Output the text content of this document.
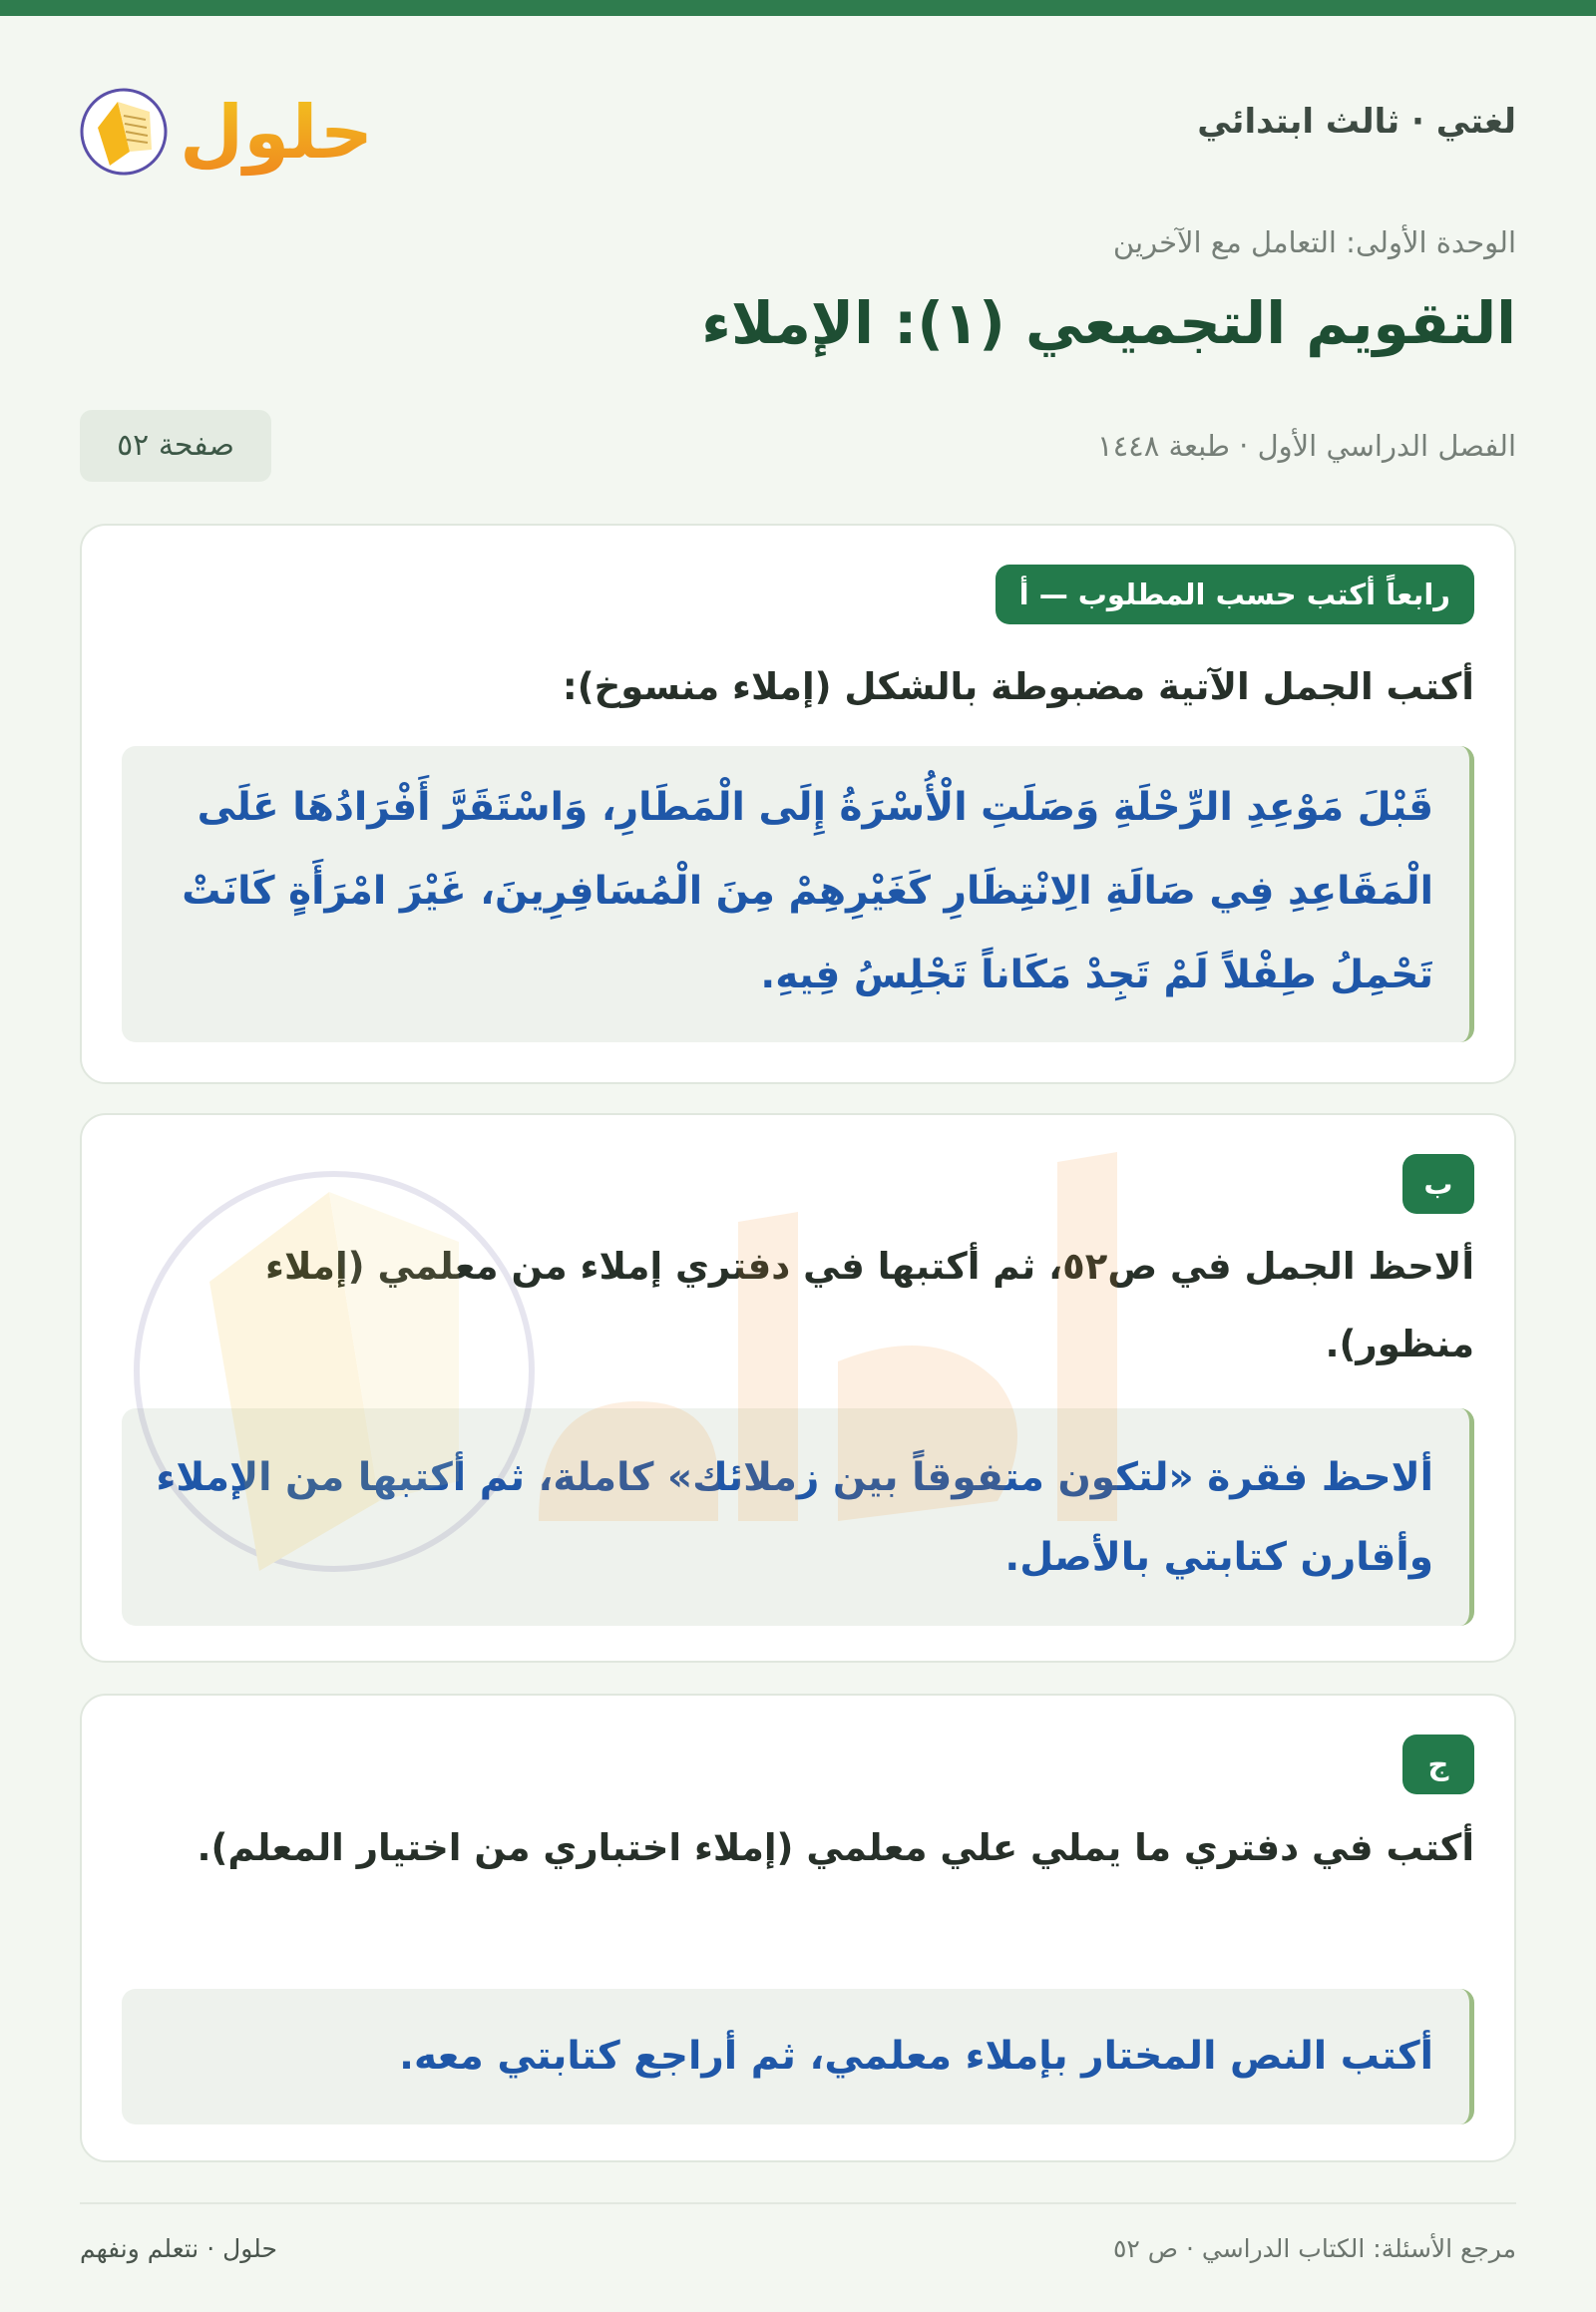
حلول	لغتي · ثالث ابتدائي
الوحدة الأولى: التعامل مع الآخرين
التقويم التجميعي (١): الإملاء
الفصل الدراسي الأول · طبعة ١٤٤٨
صفحة ٥٢
رابعاً أكتب حسب المطلوب — أ
أكتب الجمل الآتية مضبوطة بالشكل (إملاء منسوخ):
قَبْلَ مَوْعِدِ الرِّحْلَةِ وَصَلَتِ الْأُسْرَةُ إِلَى الْمَطَارِ، وَاسْتَقَرَّ أَفْرَادُهَا عَلَى الْمَقَاعِدِ فِي صَالَةِ الِانْتِظَارِ كَغَيْرِهِمْ مِنَ الْمُسَافِرِينَ، غَيْرَ امْرَأَةٍ كَانَتْ تَحْمِلُ طِفْلاً لَمْ تَجِدْ مَكَاناً تَجْلِسُ فِيهِ.
ب
ألاحظ الجمل في ص٥٢، ثم أكتبها في دفتري إملاء من معلمي (إملاء منظور).
ألاحظ فقرة «لتكون متفوقاً بين زملائك» كاملة، ثم أكتبها من الإملاء وأقارن كتابتي بالأصل.
ج
أكتب في دفتري ما يملي علي معلمي (إملاء اختباري من اختيار المعلم).
أكتب النص المختار بإملاء معلمي، ثم أراجع كتابتي معه.
حلول · نتعلم ونفهم	مرجع الأسئلة: الكتاب الدراسي · ص ٥٢
